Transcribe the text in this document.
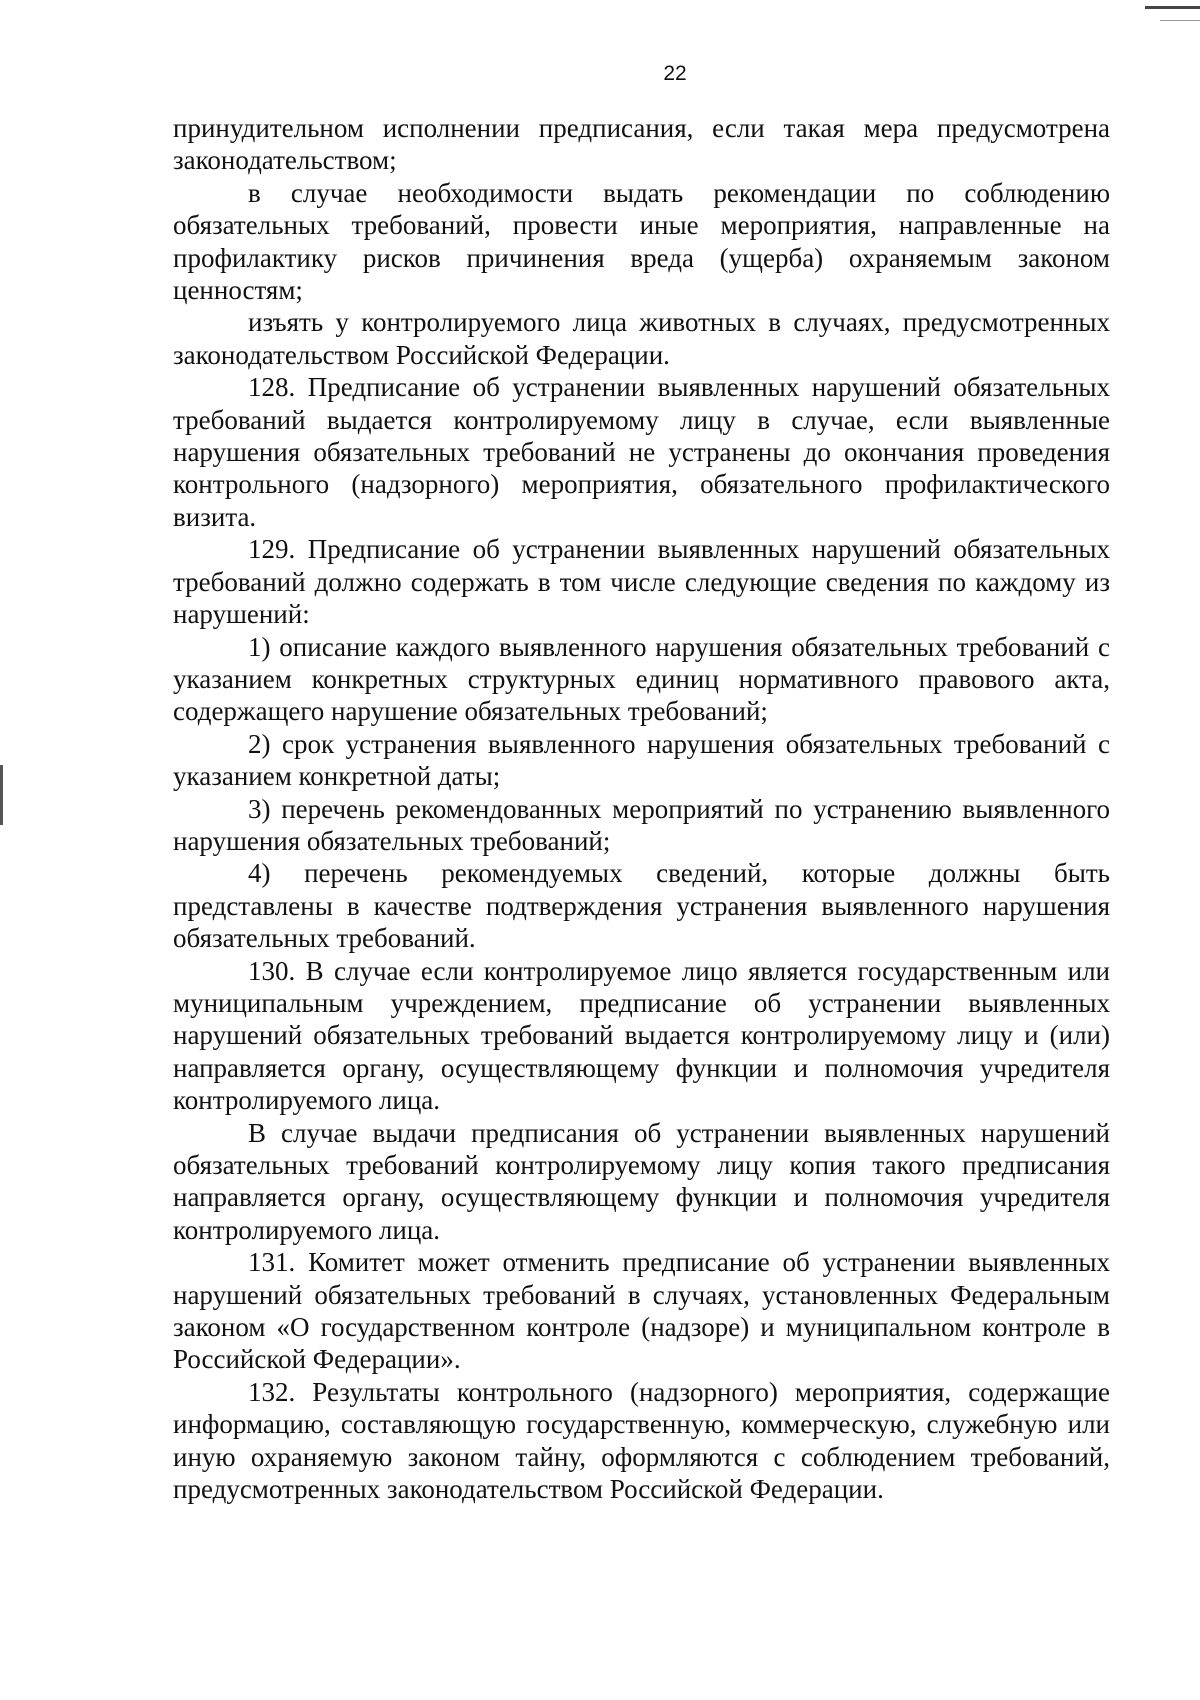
22

принудительном исполнении предписания, если такая мера предусмотрена законодательством;

в случае необходимости выдать рекомендации по соблюдению обязательных требований, провести иные мероприятия, направленные на профилактику рисков причинения вреда (ущерба) охраняемым законом ценностям;

изъять у контролируемого лица животных в случаях, предусмотренных законодательством Российской Федерации.

128. Предписание об устранении выявленных нарушений обязательных требований выдается контролируемому лицу в случае, если выявленные нарушения обязательных требований не устранены до окончания проведения контрольного (надзорного) мероприятия, обязательного профилактического визита.

129. Предписание об устранении выявленных нарушений обязательных требований должно содержать в том числе следующие сведения по каждому из нарушений:

1) описание каждого выявленного нарушения обязательных требований с указанием конкретных структурных единиц нормативного правового акта, содержащего нарушение обязательных требований;

2) срок устранения выявленного нарушения обязательных требований с указанием конкретной даты;

3) перечень рекомендованных мероприятий по устранению выявленного нарушения обязательных требований;

4) перечень рекомендуемых сведений, которые должны быть представлены в качестве подтверждения устранения выявленного нарушения обязательных требований.

130. В случае если контролируемое лицо является государственным или муниципальным учреждением, предписание об устранении выявленных нарушений обязательных требований выдается контролируемому лицу и (или) направляется органу, осуществляющему функции и полномочия учредителя контролируемого лица.

В случае выдачи предписания об устранении выявленных нарушений обязательных требований контролируемому лицу копия такого предписания направляется органу, осуществляющему функции и полномочия учредителя контролируемого лица.

131. Комитет может отменить предписание об устранении выявленных нарушений обязательных требований в случаях, установленных Федеральным законом «О государственном контроле (надзоре) и муниципальном контроле в Российской Федерации».

132. Результаты контрольного (надзорного) мероприятия, содержащие информацию, составляющую государственную, коммерческую, служебную или иную охраняемую законом тайну, оформляются с соблюдением требований, предусмотренных законодательством Российской Федерации.
